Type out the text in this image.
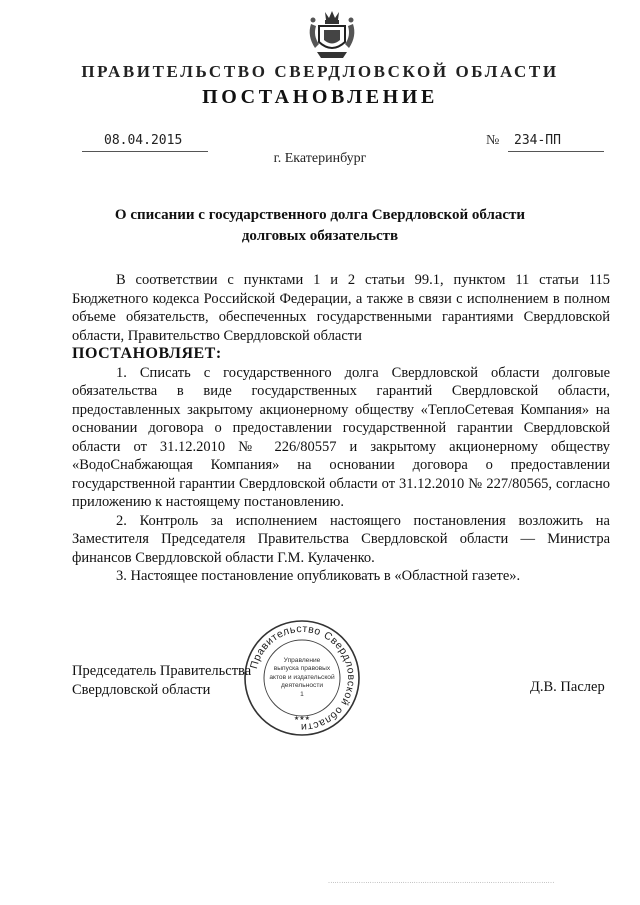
ПРАВИТЕЛЬСТВО СВЕРДЛОВСКОЙ ОБЛАСТИ
ПОСТАНОВЛЕНИЕ
08.04.2015	№ 234-ПП
г. Екатеринбург
О списании с государственного долга Свердловской области
долговых обязательств

В соответствии с пунктами 1 и 2 статьи 99.1, пунктом 11 статьи 115 Бюджетного кодекса Российской Федерации, а также в связи с исполнением в полном объеме обязательств, обеспеченных государственными гарантиями Свердловской области, Правительство Свердловской области

ПОСТАНОВЛЯЕТ:

1. Списать с государственного долга Свердловской области долговые обязательства в виде государственных гарантий Свердловской области, предоставленных закрытому акционерному обществу «ТеплоСетевая Компания» на основании договора о предоставлении государственной гарантии Свердловской области от 31.12.2010 № 226/80557 и закрытому акционерному обществу «ВодоСнабжающая Компания» на основании договора о предоставлении государственной гарантии Свердловской области от 31.12.2010 № 227/80565, согласно приложению к настоящему постановлению.

2. Контроль за исполнением настоящего постановления возложить на Заместителя Председателя Правительства Свердловской области — Министра финансов Свердловской области Г.М. Кулаченко.

3. Настоящее постановление опубликовать в «Областной газете».

Правительство Свердловской области
★★★
Управление
выпуска правовых
актов и издательской
деятельности
1
Председатель Правительства
Свердловской области	Д.В. Паслер
·······································································································
